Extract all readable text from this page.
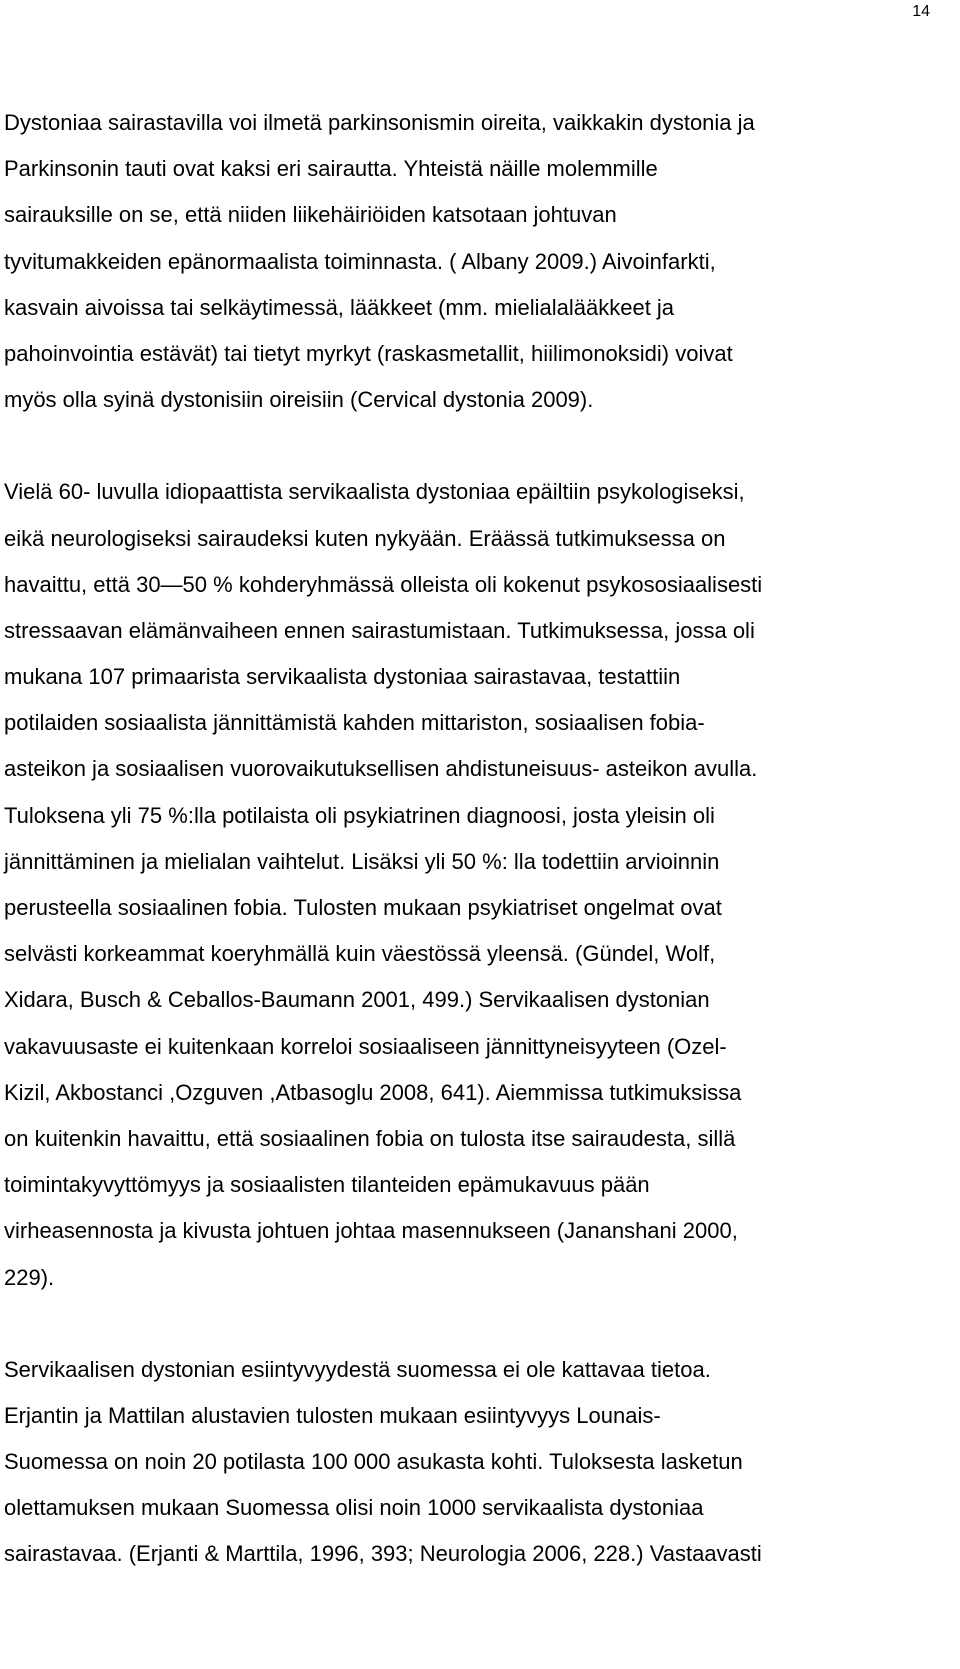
14
Dystoniaa sairastavilla voi ilmetä parkinsonismin oireita, vaikkakin dystonia ja
Parkinsonin tauti ovat kaksi eri sairautta. Yhteistä näille molemmille
sairauksille on se, että niiden liikehäiriöiden katsotaan johtuvan
tyvitumakkeiden epänormaalista toiminnasta. ( Albany 2009.) Aivoinfarkti,
kasvain aivoissa tai selkäytimessä, lääkkeet (mm. mielialalääkkeet ja
pahoinvointia estävät) tai tietyt myrkyt (raskasmetallit, hiilimonoksidi) voivat
myös olla syinä dystonisiin oireisiin (Cervical dystonia 2009).
Vielä 60- luvulla idiopaattista servikaalista dystoniaa epäiltiin psykologiseksi,
eikä neurologiseksi sairaudeksi kuten nykyään. Eräässä tutkimuksessa on
havaittu, että 30—50 % kohderyhmässä olleista oli kokenut psykososiaalisesti
stressaavan elämänvaiheen ennen sairastumistaan. Tutkimuksessa, jossa oli
mukana 107 primaarista servikaalista dystoniaa sairastavaa, testattiin
potilaiden sosiaalista jännittämistä kahden mittariston, sosiaalisen fobia-
asteikon ja sosiaalisen vuorovaikutuksellisen ahdistuneisuus- asteikon avulla.
Tuloksena yli 75 %:lla potilaista oli psykiatrinen diagnoosi, josta yleisin oli
jännittäminen ja mielialan vaihtelut. Lisäksi yli 50 %: lla todettiin arvioinnin
perusteella sosiaalinen fobia. Tulosten mukaan psykiatriset ongelmat ovat
selvästi korkeammat koeryhmällä kuin väestössä yleensä. (Gündel, Wolf,
Xidara, Busch & Ceballos-Baumann 2001, 499.) Servikaalisen dystonian
vakavuusaste ei kuitenkaan korreloi sosiaaliseen jännittyneisyyteen (Ozel-
Kizil, Akbostanci ,Ozguven ,Atbasoglu 2008, 641). Aiemmissa tutkimuksissa
on kuitenkin havaittu, että sosiaalinen fobia on tulosta itse sairaudesta, sillä
toimintakyvyttömyys ja sosiaalisten tilanteiden epämukavuus pään
virheasennosta ja kivusta johtuen johtaa masennukseen (Jananshani 2000,
229).
Servikaalisen dystonian esiintyvyydestä suomessa ei ole kattavaa tietoa.
Erjantin ja Mattilan alustavien tulosten mukaan esiintyvyys Lounais-
Suomessa on noin 20 potilasta 100 000 asukasta kohti. Tuloksesta lasketun
olettamuksen mukaan Suomessa olisi noin 1000 servikaalista dystoniaa
sairastavaa. (Erjanti & Marttila, 1996, 393; Neurologia 2006, 228.) Vastaavasti
